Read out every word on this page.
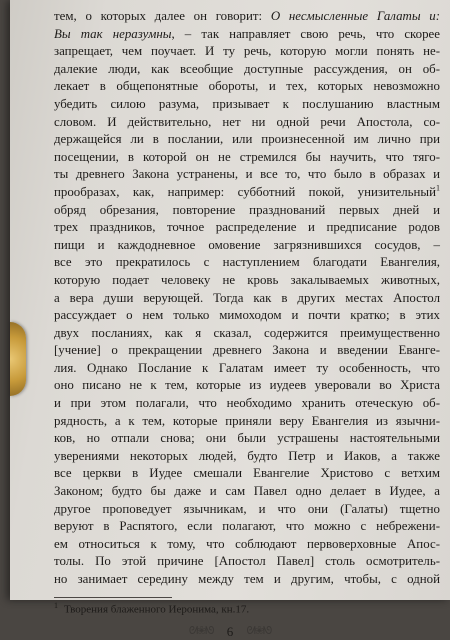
тем, о которых далее он говорит: О несмысленные Галаты и:
Вы так неразумны, – так направляет свою речь, что скорее
запрещает, чем поучает. И ту речь, которую могли понять не-
далекие люди, как всеобщие доступные рассуждения, он об-
лекает в общепонятные обороты, и тех, которых невозможно
убедить силою разума, призывает к послушанию властным
словом. И действительно, нет ни одной речи Апостола, со-
держащейся ли в послании, или произнесенной им лично при
посещении, в которой он не стремился бы научить, что тяго-
ты древнего Закона устранены, и все то, что было в образах и
прообразах, как, например: субботний покой, унизительный$^1$
обряд обрезания, повторение празднований первых дней и
трех праздников, точное распределение и предписание родов
пищи и каждодневное омовение загрязнившихся сосудов, –
все это прекратилось с наступлением благодати Евангелия,
которую подает человеку не кровь закалываемых животных,
а вера души верующей. Тогда как в других местах Апостол
рассуждает о нем только мимоходом и почти кратко; в этих
двух посланиях, как я сказал, содержится преимущественно
[учение] о прекращении древнего Закона и введении Еванге-
лия. Однако Послание к Галатам имеет ту особенность, что
оно писано не к тем, которые из иудеев уверовали во Христа
и при этом полагали, что необходимо хранить отеческую об-
рядность, а к тем, которые приняли веру Евангелия из язычни-
ков, но отпали снова; они были устрашены настоятельными
уверениями некоторых людей, будто Петр и Иаков, а также
все церкви в Иудее смешали Евангелие Христово с ветхим
Законом; будто бы даже и сам Павел одно делает в Иудее, а
другое проповедует язычникам, и что они (Галаты) тщетно
веруют в Распятого, если полагают, что можно с небрежени-
ем относиться к тому, что соблюдают первоверховные Апос-
толы. По этой причине [Апостол Павел] столь осмотритель-
но занимает середину между тем и другим, чтобы, с одной
$^1$ Творения блаженного Иеронима, кн.17.
ᘛ❀ᘚ 6 ᘛ❀ᘚ
